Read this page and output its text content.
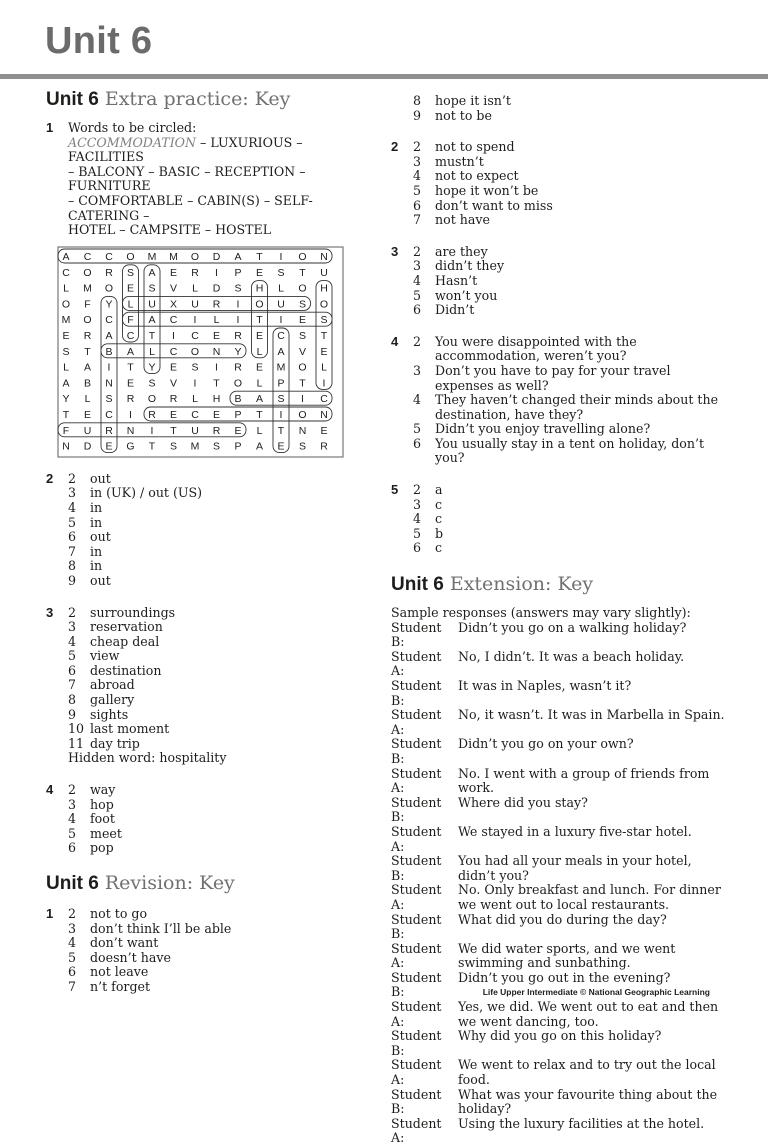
Unit 6
Unit 6 Extra practice: Key
1 Words to be circled:
ACCOMMODATION – LUXURIOUS – FACILITIES
– BALCONY – BASIC – RECEPTION – FURNITURE
– COMFORTABLE – CABIN(S) – SELF-CATERING –
HOTEL – CAMPSITE – HOSTEL
A C C O M M O D A T I O N
C O R S A E R I P E S T U
L M O E S V L D S H L O H
O F Y L U X U R I O U S O
M O C F A C I L I T I E S
E R A C T I C E R E C S T
S T B A L C O N Y L A V E
L A I T Y E S I R E M O L
A B N E S V I T O L P T I
Y L S R O R L H B A S I C
T E C I R E C E P T I O N
F U R N I T U R E L T N E
N D E G T S M S P A E S R
2 2	out
3	in (UK) / out (US)
4	in
5	in
6	out
7	in
8	in
9	out
3 2	surroundings
3	reservation
4	cheap deal
5	view
6	destination
7	abroad
8	gallery
9	sights
10 last moment
11 day trip
Hidden word: hospitality
4 2	way
3	hop
4	foot
5	meet
6	pop
Unit 6 Revision: Key
1 2	not to go
3	don’t think I’ll be able
4	don’t want
5	doesn’t have
6	not leave
7	n’t forget
8	hope it isn’t
9	not to be
2 2	not to spend
3	mustn’t
4	not to expect
5	hope it won’t be
6	don’t want to miss
7	not have
3 2	are they
3	didn’t they
4	Hasn’t
5	won’t you
6	Didn’t
4 2	You were disappointed with the accommodation, weren’t you?
3	Don’t you have to pay for your travel expenses as well?
4	They haven’t changed their minds about the destination, have they?
5	Didn’t you enjoy travelling alone?
6	You usually stay in a tent on holiday, don’t you?
5 2	a
3	c
4	c
5	b
6	c
Unit 6 Extension: Key
Sample responses (answers may vary slightly):
Student B:
Didn’t you go on a walking holiday?
Student A:
No, I didn’t. It was a beach holiday.
Student B:
It was in Naples, wasn’t it?
Student A:
No, it wasn’t. It was in Marbella in Spain.
Student B:
Didn’t you go on your own?
Student A:
No. I went with a group of friends from work.
Student B:
Where did you stay?
Student A:
We stayed in a luxury five-star hotel.
Student B:
You had all your meals in your hotel, didn’t you?
Student A:
No. Only breakfast and lunch. For dinner we went out to local restaurants.
Student B:
What did you do during the day?
Student A:
We did water sports, and we went swimming and sunbathing.
Student B:
Didn’t you go out in the evening?
Student A:
Yes, we did. We went out to eat and then we went dancing, too.
Student B:
Why did you go on this holiday?
Student A:
We went to relax and to try out the local food.
Student B:
What was your favourite thing about the holiday?
Student A:
Using the luxury facilities at the hotel.
Life Upper Intermediate © National Geographic Learning
